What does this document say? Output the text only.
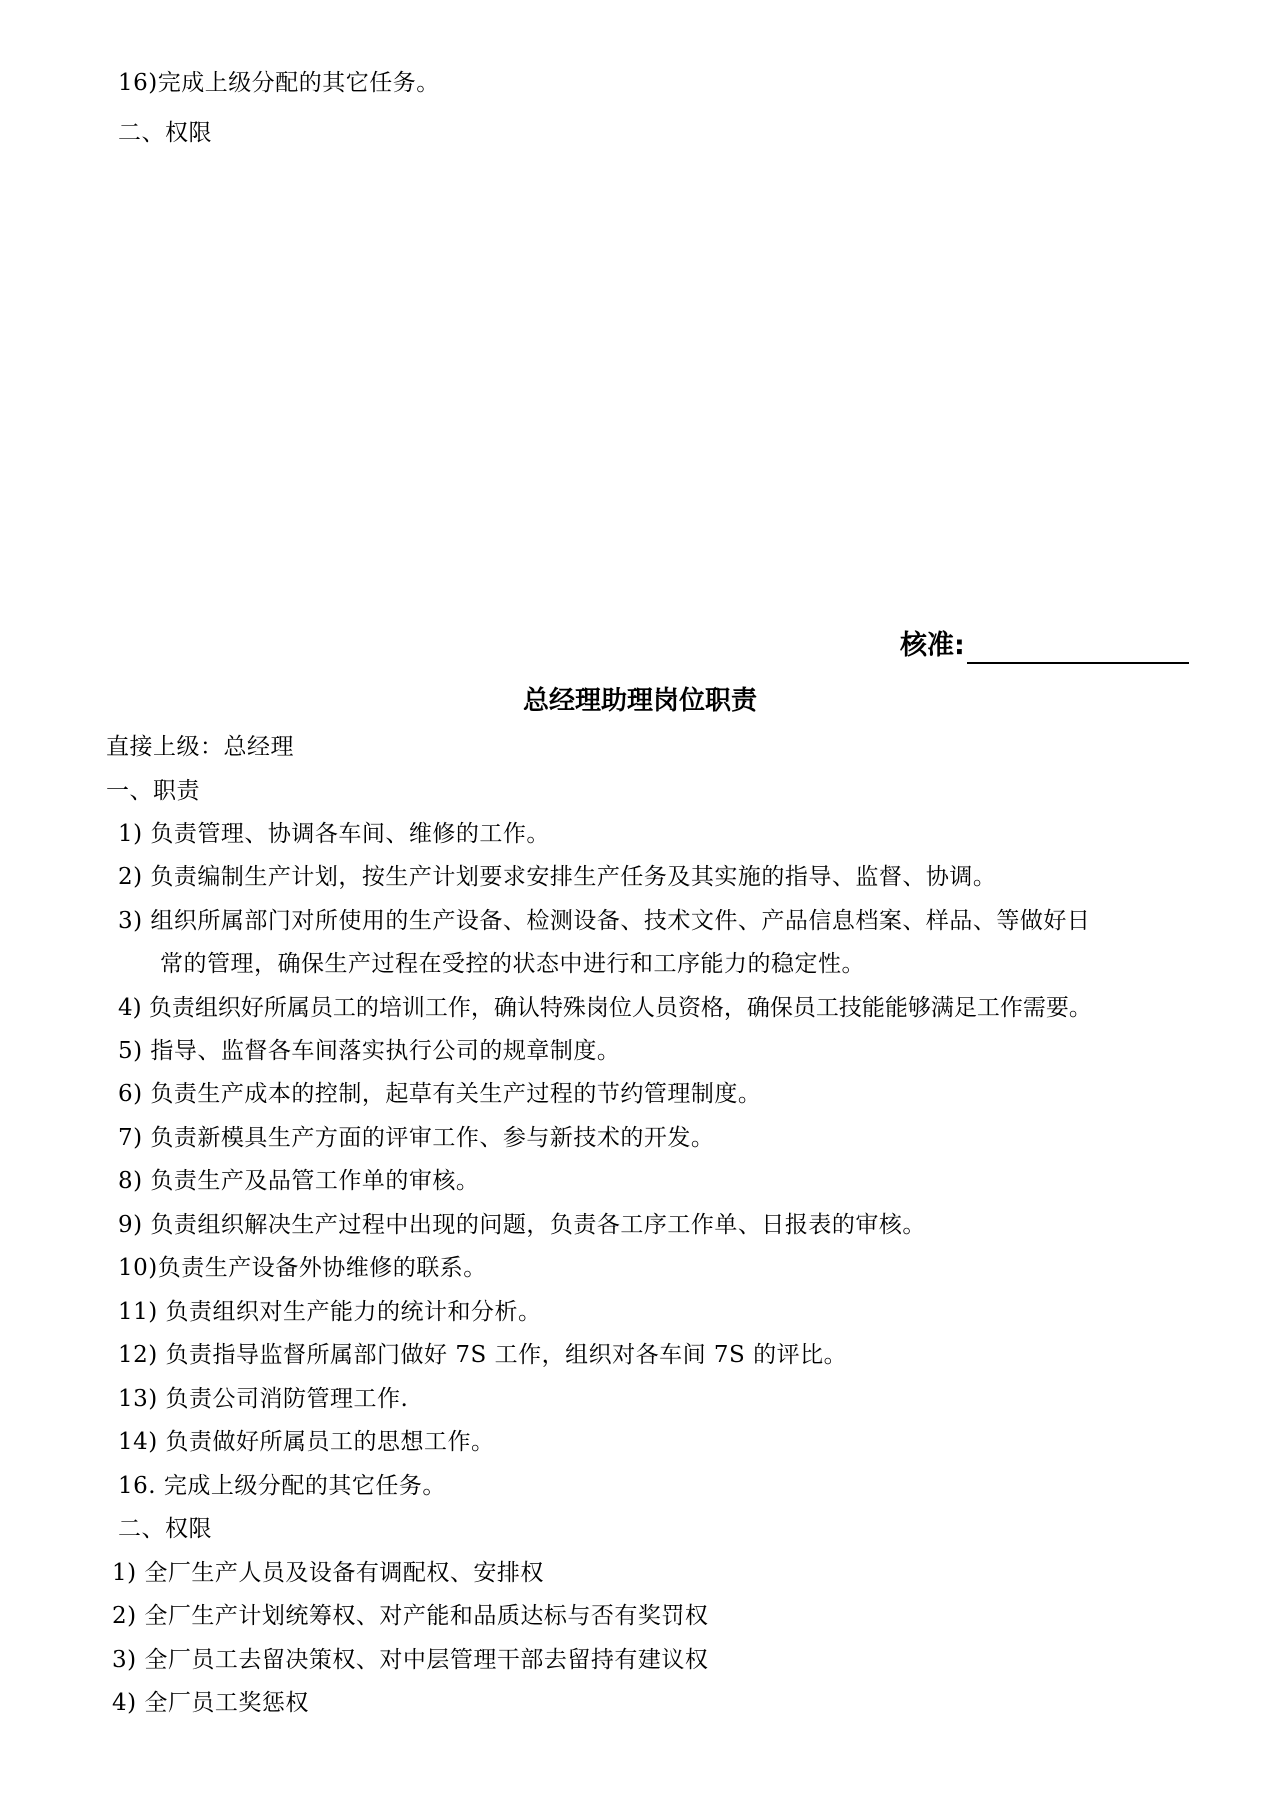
16)完成上级分配的其它任务。
二、权限
核准:
总经理助理岗位职责
直接上级：总经理
一、职责
1) 负责管理、协调各车间、维修的工作。
2) 负责编制生产计划，按生产计划要求安排生产任务及其实施的指导、监督、协调。
3) 组织所属部门对所使用的生产设备、检测设备、技术文件、产品信息档案、样品、等做好日
常的管理，确保生产过程在受控的状态中进行和工序能力的稳定性。
4) 负责组织好所属员工的培训工作，确认特殊岗位人员资格，确保员工技能能够满足工作需要。
5) 指导、监督各车间落实执行公司的规章制度。
6) 负责生产成本的控制，起草有关生产过程的节约管理制度。
7) 负责新模具生产方面的评审工作、参与新技术的开发。
8) 负责生产及品管工作单的审核。
9) 负责组织解决生产过程中出现的问题，负责各工序工作单、日报表的审核。
10)负责生产设备外协维修的联系。
11) 负责组织对生产能力的统计和分析。
12) 负责指导监督所属部门做好 7S 工作，组织对各车间 7S 的评比。
13) 负责公司消防管理工作.
14) 负责做好所属员工的思想工作。
16. 完成上级分配的其它任务。
二、权限
1) 全厂生产人员及设备有调配权、安排权
2) 全厂生产计划统筹权、对产能和品质达标与否有奖罚权
3) 全厂员工去留决策权、对中层管理干部去留持有建议权
4) 全厂员工奖惩权
